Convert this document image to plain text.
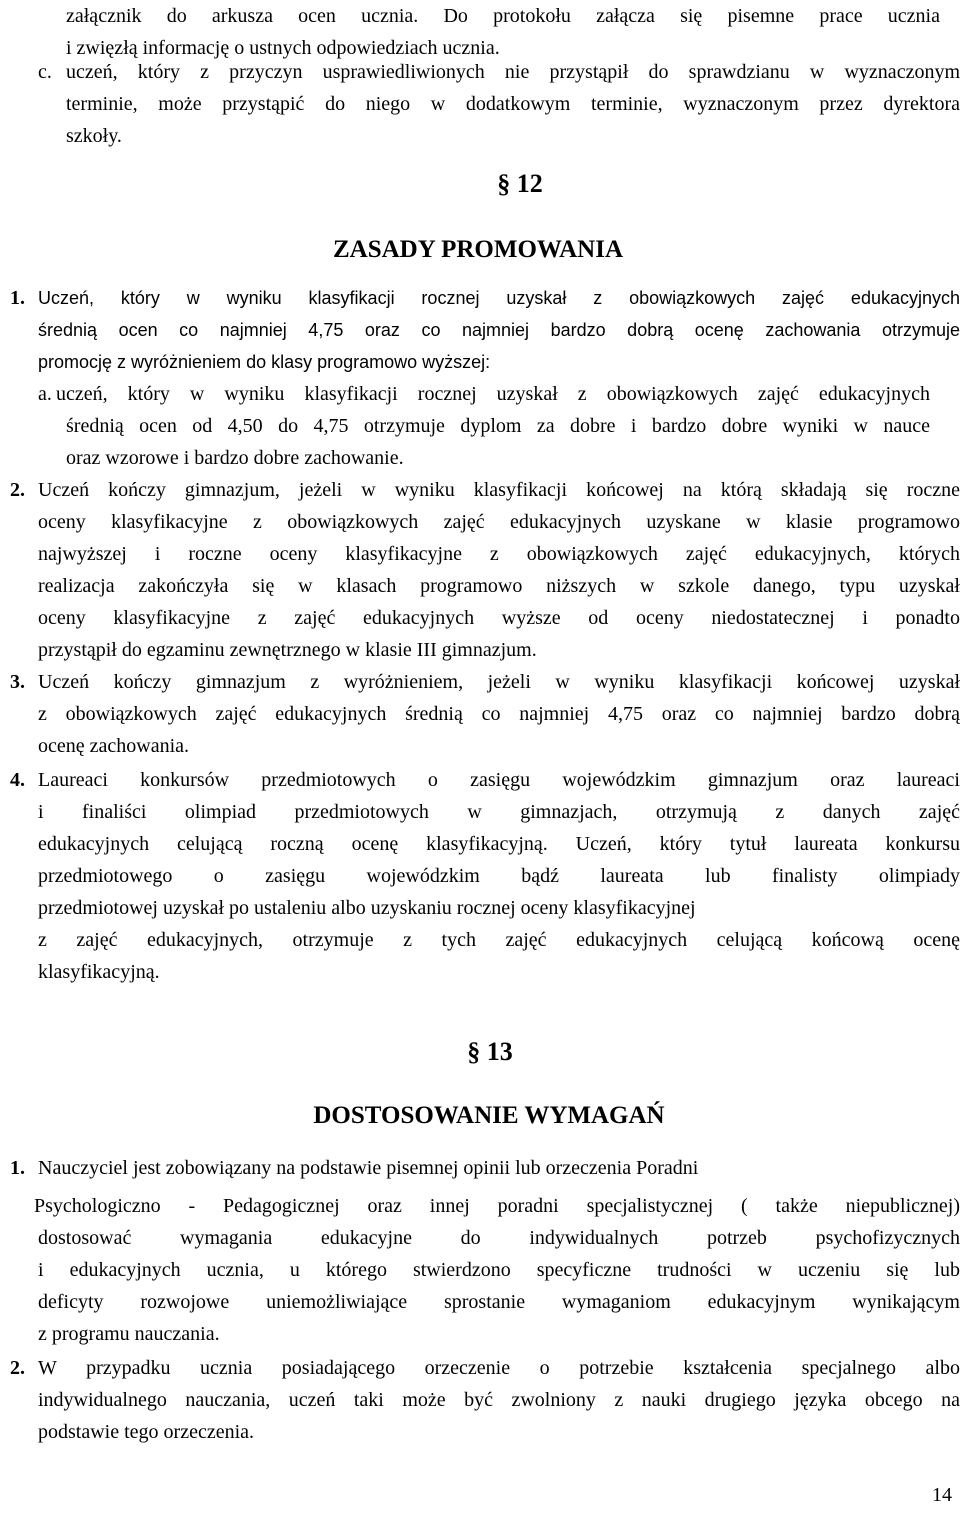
załącznik do arkusza ocen ucznia. Do protokołu załącza się pisemne prace ucznia
i zwięzłą informację o ustnych odpowiedziach ucznia.
c. uczeń, który z przyczyn usprawiedliwionych nie przystąpił do sprawdzianu w wyznaczonym
terminie, może przystąpić do niego w dodatkowym terminie, wyznaczonym przez dyrektora
szkoły.
§ 12
ZASADY PROMOWANIA
1. Uczeń, który w wyniku klasyfikacji rocznej uzyskał z obowiązkowych zajęć edukacyjnych
średnią ocen co najmniej 4,75 oraz co najmniej bardzo dobrą ocenę zachowania otrzymuje
promocję z wyróżnieniem do klasy programowo wyższej:
a. uczeń, który w wyniku klasyfikacji rocznej uzyskał z obowiązkowych zajęć edukacyjnych
średnią ocen od 4,50 do 4,75 otrzymuje dyplom za dobre i bardzo dobre wyniki w nauce
oraz wzorowe i bardzo dobre zachowanie.
2. Uczeń kończy gimnazjum, jeżeli w wyniku klasyfikacji końcowej na którą składają się roczne
oceny klasyfikacyjne z obowiązkowych zajęć edukacyjnych uzyskane w klasie programowo
najwyższej i roczne oceny klasyfikacyjne z obowiązkowych zajęć edukacyjnych, których
realizacja zakończyła się w klasach programowo niższych w szkole danego, typu uzyskał
oceny klasyfikacyjne z zajęć edukacyjnych wyższe od oceny niedostatecznej i ponadto
przystąpił do egzaminu zewnętrznego w klasie III gimnazjum.
3. Uczeń kończy gimnazjum z wyróżnieniem, jeżeli w wyniku klasyfikacji końcowej uzyskał
z obowiązkowych zajęć edukacyjnych średnią co najmniej 4,75 oraz co najmniej bardzo dobrą
ocenę zachowania.
4. Laureaci konkursów przedmiotowych o zasięgu wojewódzkim gimnazjum oraz laureaci
i finaliści olimpiad przedmiotowych w gimnazjach, otrzymują z danych zajęć
edukacyjnych celującą roczną ocenę klasyfikacyjną. Uczeń, który tytuł laureata konkursu
przedmiotowego o zasięgu wojewódzkim bądź laureata lub finalisty olimpiady
przedmiotowej uzyskał po ustaleniu albo uzyskaniu rocznej oceny klasyfikacyjnej
z zajęć edukacyjnych, otrzymuje z tych zajęć edukacyjnych celującą końcową ocenę
klasyfikacyjną.
§ 13
DOSTOSOWANIE WYMAGAŃ
1. Nauczyciel jest zobowiązany na podstawie pisemnej opinii lub orzeczenia Poradni
Psychologiczno - Pedagogicznej oraz innej poradni specjalistycznej ( także niepublicznej)
dostosować wymagania edukacyjne do indywidualnych potrzeb psychofizycznych
i edukacyjnych ucznia, u którego stwierdzono specyficzne trudności w uczeniu się lub
deficyty rozwojowe uniemożliwiające sprostanie wymaganiom edukacyjnym wynikającym
z programu nauczania.
2. W przypadku ucznia posiadającego orzeczenie o potrzebie kształcenia specjalnego albo
indywidualnego nauczania, uczeń taki może być zwolniony z nauki drugiego języka obcego na
podstawie tego orzeczenia.
14
